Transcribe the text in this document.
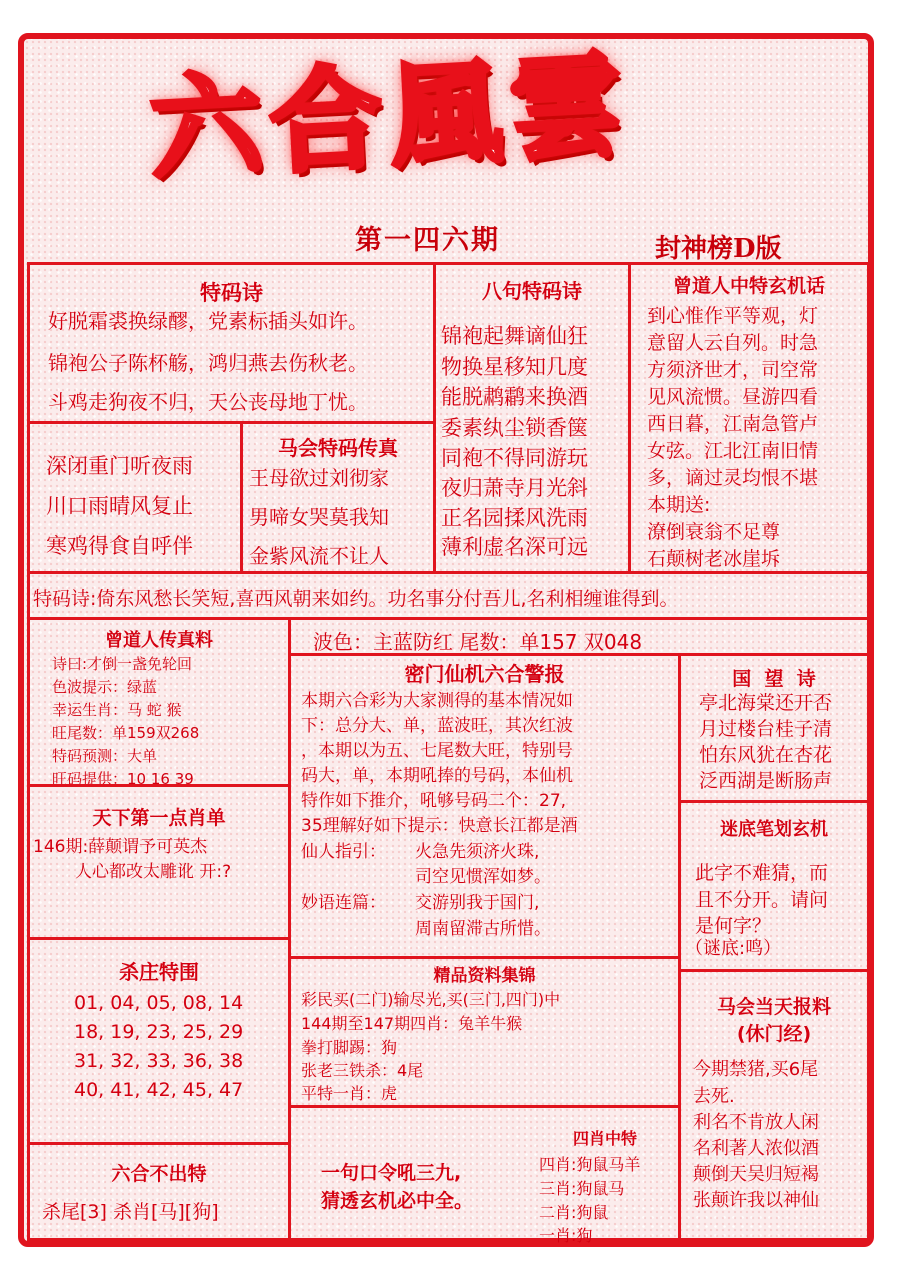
六合風雲
第一四六期	封神榜D版
特码诗
好脱霜裘换绿醪，党素标插头如许。
锦袍公子陈杯觞，鸿归燕去伤秋老。
斗鸡走狗夜不归，天公丧母地丁忧。
深闭重门听夜雨
川口雨晴风复止
寒鸡得食自呼伴
马会特码传真
王母欲过刘彻家
男啼女哭莫我知
金紫风流不让人
八句特码诗
锦袍起舞谪仙狂
物换星移知几度
能脱鹔鹴来换酒
委素纨尘锁香箧
同袍不得同游玩
夜归萧寺月光斜
正名园揉风洗雨
薄利虚名深可远
曾道人中特玄机话
到心惟作平等观，灯
意留人云自列。时急
方须济世才，司空常
见风流惯。昼游四看
西日暮，江南急管卢
女弦。江北江南旧情
多，谪过灵均恨不堪
本期送:
潦倒衰翁不足尊
石颠树老冰崖坼
特码诗:倚东风愁长笑短,喜西风朝来如约。功名事分付吾儿,名利相缠谁得到。
曾道人传真料
诗曰:才倒一盏免轮回
色波提示：绿蓝
幸运生肖：马 蛇 猴
旺尾数：单159双268
特码预测：大单
旺码提供：10 16 39
天下第一点肖单
146期:薛颠谓予可英杰
人心都改太雕讹 开:?
杀庄特围
01, 04, 05, 08, 14
18, 19, 23, 25, 29
31, 32, 33, 36, 38
40, 41, 42, 45, 47
六合不出特
杀尾[3] 杀肖[马][狗]
波色：主蓝防红 尾数：单157 双048
密门仙机六合警报
本期六合彩为大家测得的基本情况如
下：总分大、单，蓝波旺，其次红波
，本期以为五、七尾数大旺，特别号
码大，单，本期吼捧的号码，本仙机
特作如下推介，吼够号码二个：27,
35理解好如下提示：快意长江都是酒
仙人指引： 火急先须济火珠,
司空见惯浑如梦。
妙语连篇： 交游别我于国门,
周南留滞古所惜。
精品资料集锦
彩民买(二门)输尽光,买(三门,四门)中
144期至147期四肖：兔羊牛猴
拳打脚踢：狗
张老三铁杀：4尾
平特一肖：虎
一句口令吼三九,
猜透玄机必中全。
四肖中特
四肖:狗鼠马羊
三肖:狗鼠马
二肖:狗鼠
一肖:狗
国  望  诗
亭北海棠还开否
月过楼台桂子清
怕东风犹在杏花
泛西湖是断肠声
迷底笔划玄机
此字不难猜，而
且不分开。请问
是何字？
（谜底:鸣）
马会当天报料
(休门经)
今期禁猪,买6尾
去死.
利名不肯放人闲
名利著人浓似酒
颠倒天吴归短褐
张颠许我以神仙
